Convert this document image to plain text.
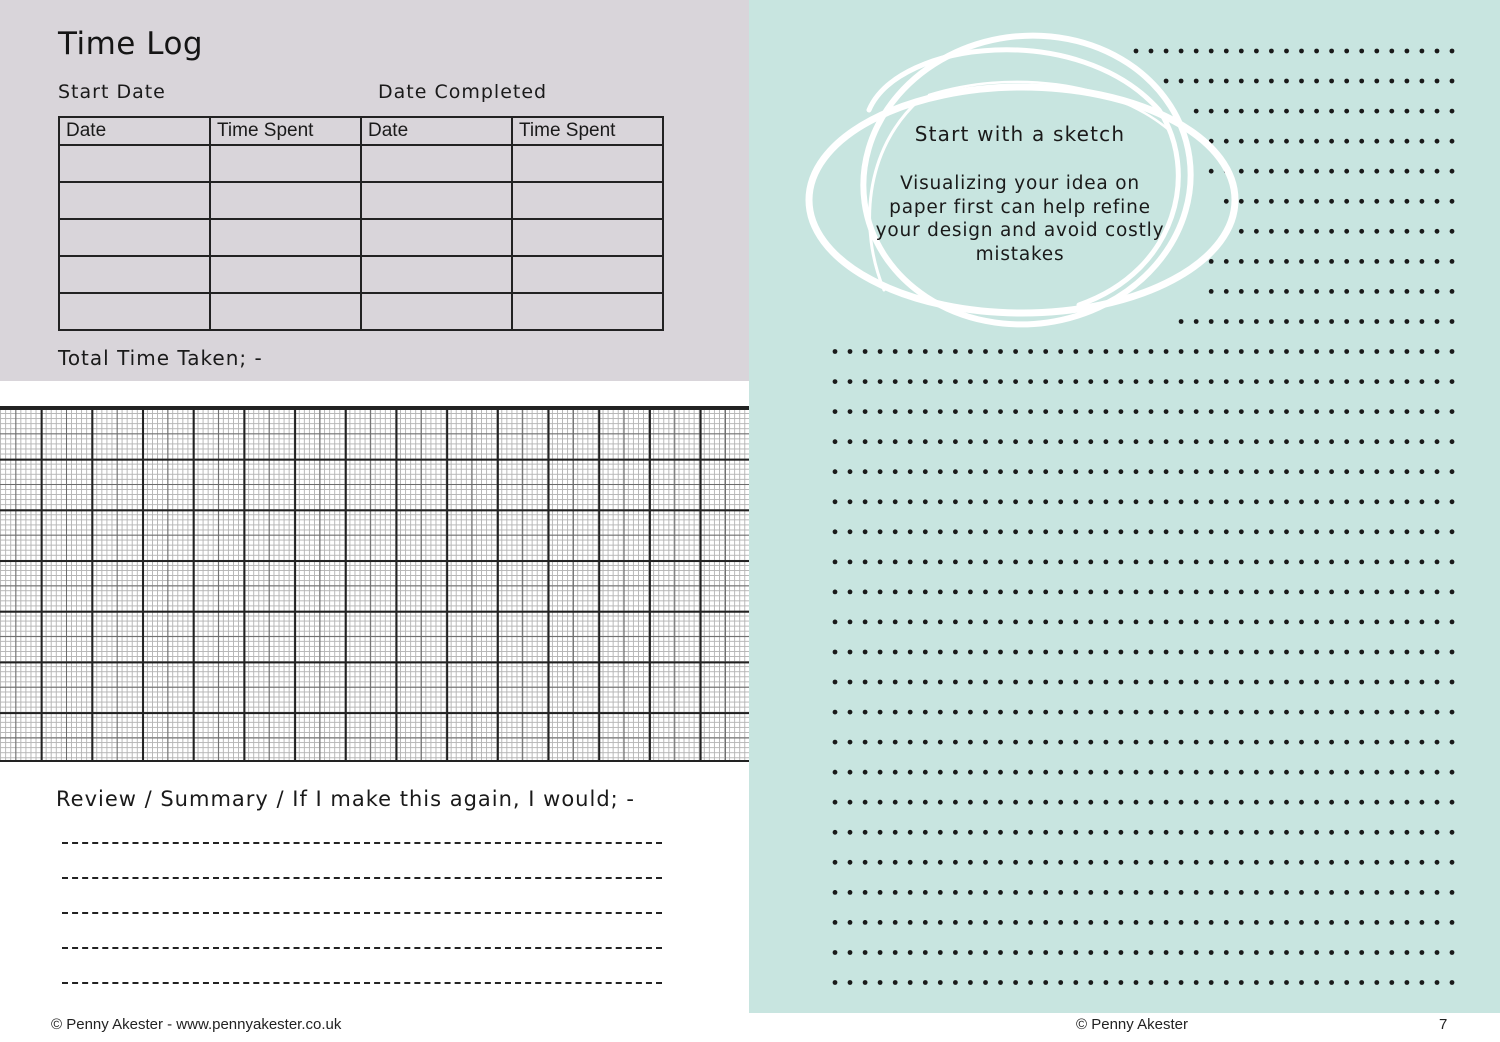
Time Log
Start Date	Date Completed
Date	Time Spent	Date	Time Spent

Total Time Taken; -
Review / Summary / If I make this again, I would; -
Start with a sketch
Visualizing your idea on paper first can help refine your design and avoid costly mistakes
© Penny Akester - www.pennyakester.co.uk	© Penny Akester	7
